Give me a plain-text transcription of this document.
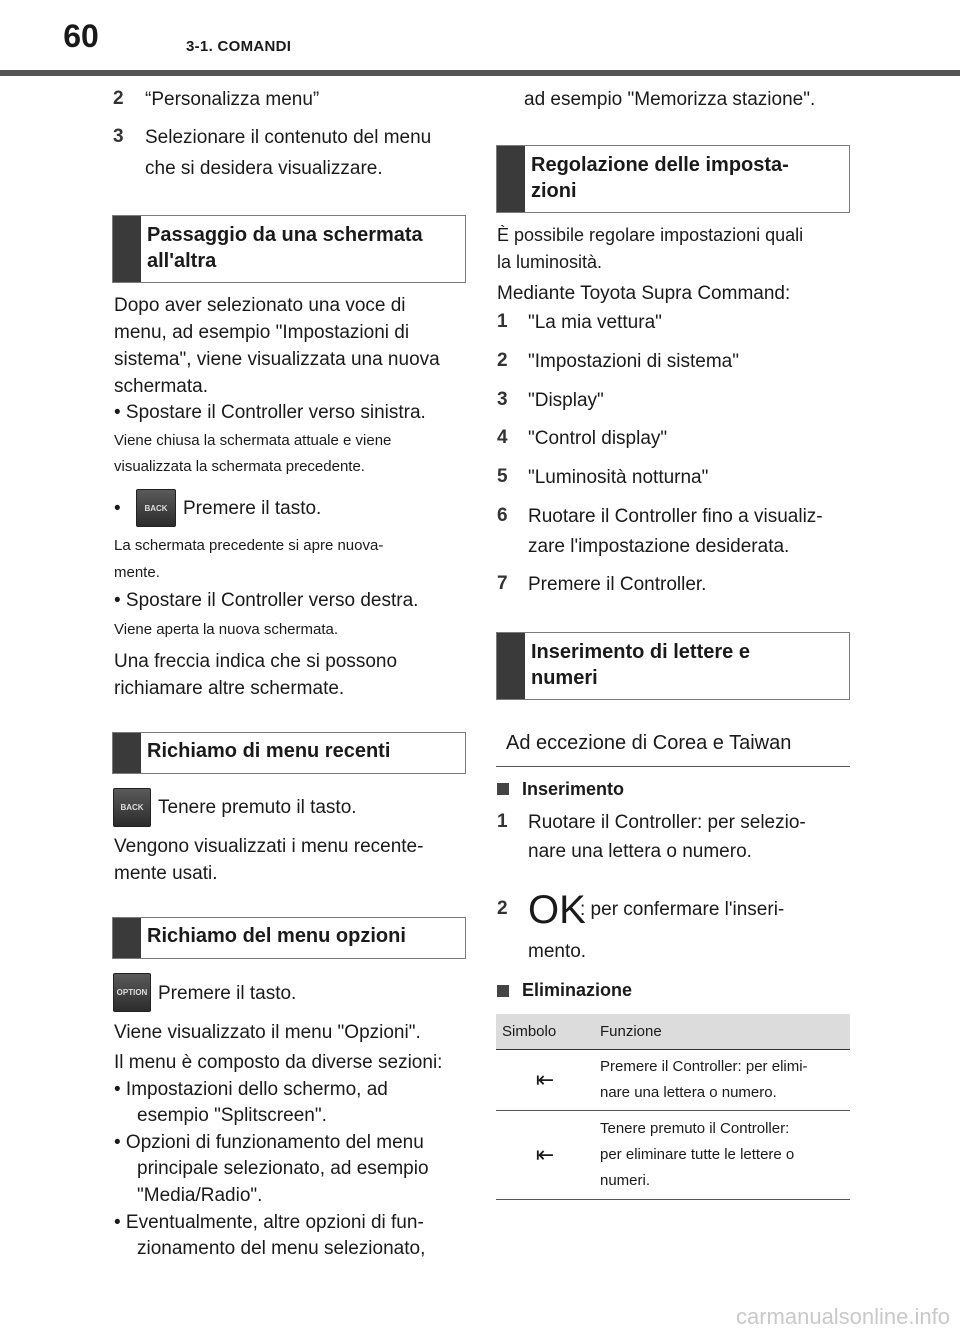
60	3-1. COMANDI
2 “Personalizza menu”
3 Selezionare il contenuto del menu
che si desidera visualizzare.
Passaggio da una schermata
all'altra
Dopo aver selezionato una voce di
menu, ad esempio "Impostazioni di
sistema", viene visualizzata una nuova
schermata.
• Spostare il Controller verso sinistra.
Viene chiusa la schermata attuale e viene
visualizzata la schermata precedente.
•	BACK Premere il tasto.
La schermata precedente si apre nuova-
mente.
• Spostare il Controller verso destra.
Viene aperta la nuova schermata.
Una freccia indica che si possono
richiamare altre schermate.
Richiamo di menu recenti
BACK Tenere premuto il tasto.
Vengono visualizzati i menu recente-
mente usati.
Richiamo del menu opzioni
OPTION Premere il tasto.
Viene visualizzato il menu "Opzioni".
Il menu è composto da diverse sezioni:
• Impostazioni dello schermo, ad
esempio "Splitscreen".
• Opzioni di funzionamento del menu
principale selezionato, ad esempio
"Media/Radio".
• Eventualmente, altre opzioni di fun-
zionamento del menu selezionato,
ad esempio "Memorizza stazione".
Regolazione delle imposta-
zioni
È possibile regolare impostazioni quali
la luminosità.
Mediante Toyota Supra Command:
1 "La mia vettura"
2 "Impostazioni di sistema"
3 "Display"
4 "Control display"
5 "Luminosità notturna"
6 Ruotare il Controller fino a visualiz-
zare l'impostazione desiderata.
7 Premere il Controller.
Inserimento di lettere e
numeri
Ad eccezione di Corea e Taiwan
Inserimento
1 Ruotare il Controller: per selezio-
nare una lettera o numero.
2 OK
: per confermare l'inseri-
mento.
Eliminazione
Simbolo	Funzione
⇤	Premere il Controller: per elimi-
nare una lettera o numero.

⇤	Tenere premuto il Controller:
per eliminare tutte le lettere o
numeri.
carmanualsonline.info
